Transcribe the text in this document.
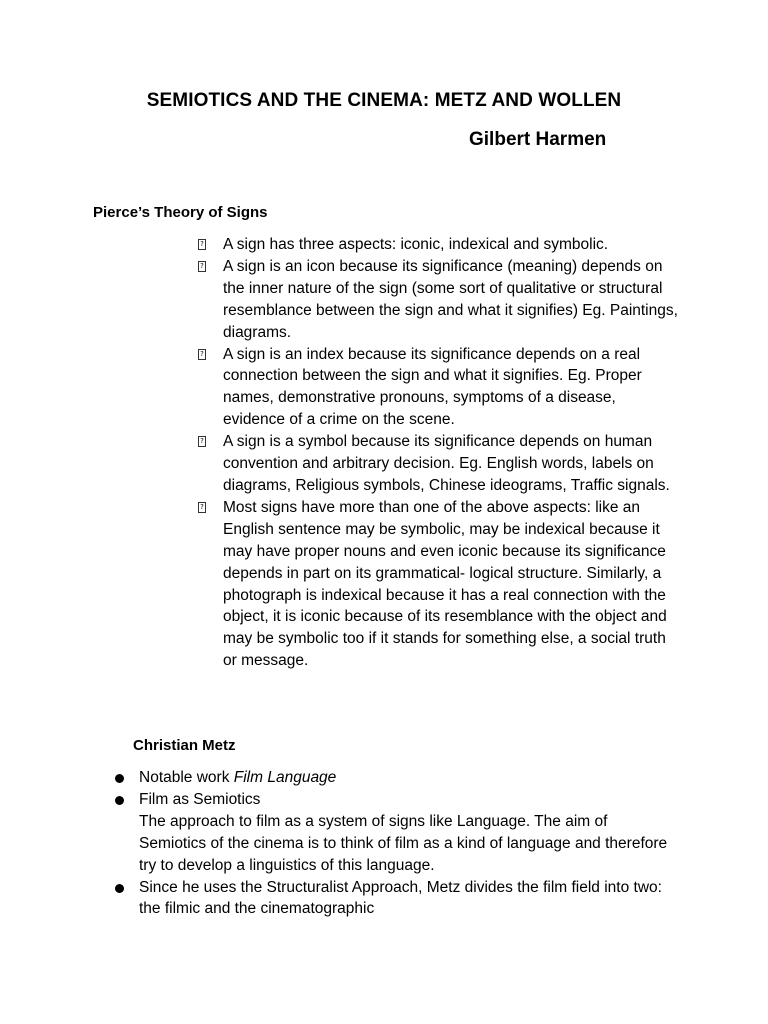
SEMIOTICS AND THE CINEMA: METZ AND WOLLEN
Gilbert Harmen
Pierce’s Theory of Signs
? A sign has three aspects: iconic, indexical and symbolic.
? A sign is an icon because its significance (meaning) depends on the inner nature of the sign (some sort of qualitative or structural resemblance between the sign and what it signifies) Eg. Paintings, diagrams.
? A sign is an index because its significance depends on a real connection between the sign and what it signifies. Eg. Proper names, demonstrative pronouns, symptoms of a disease, evidence of a crime on the scene.
? A sign is a symbol because its significance depends on human convention and arbitrary decision. Eg. English words, labels on diagrams, Religious symbols, Chinese ideograms, Traffic signals.
? Most signs have more than one of the above aspects: like an English sentence may be symbolic, may be indexical because it may have proper nouns and even iconic because its significance depends in part on its grammatical- logical structure. Similarly, a photograph is indexical because it has a real connection with the object, it is iconic because of its resemblance with the object and may be symbolic too if it stands for something else, a social truth or message.
Christian Metz
Notable work Film Language
Film as Semiotics
The approach to film as a system of signs like Language. The aim of Semiotics of the cinema is to think of film as a kind of language and therefore try to develop a linguistics of this language.
Since he uses the Structuralist Approach, Metz divides the film field into two: the filmic and the cinematographic
